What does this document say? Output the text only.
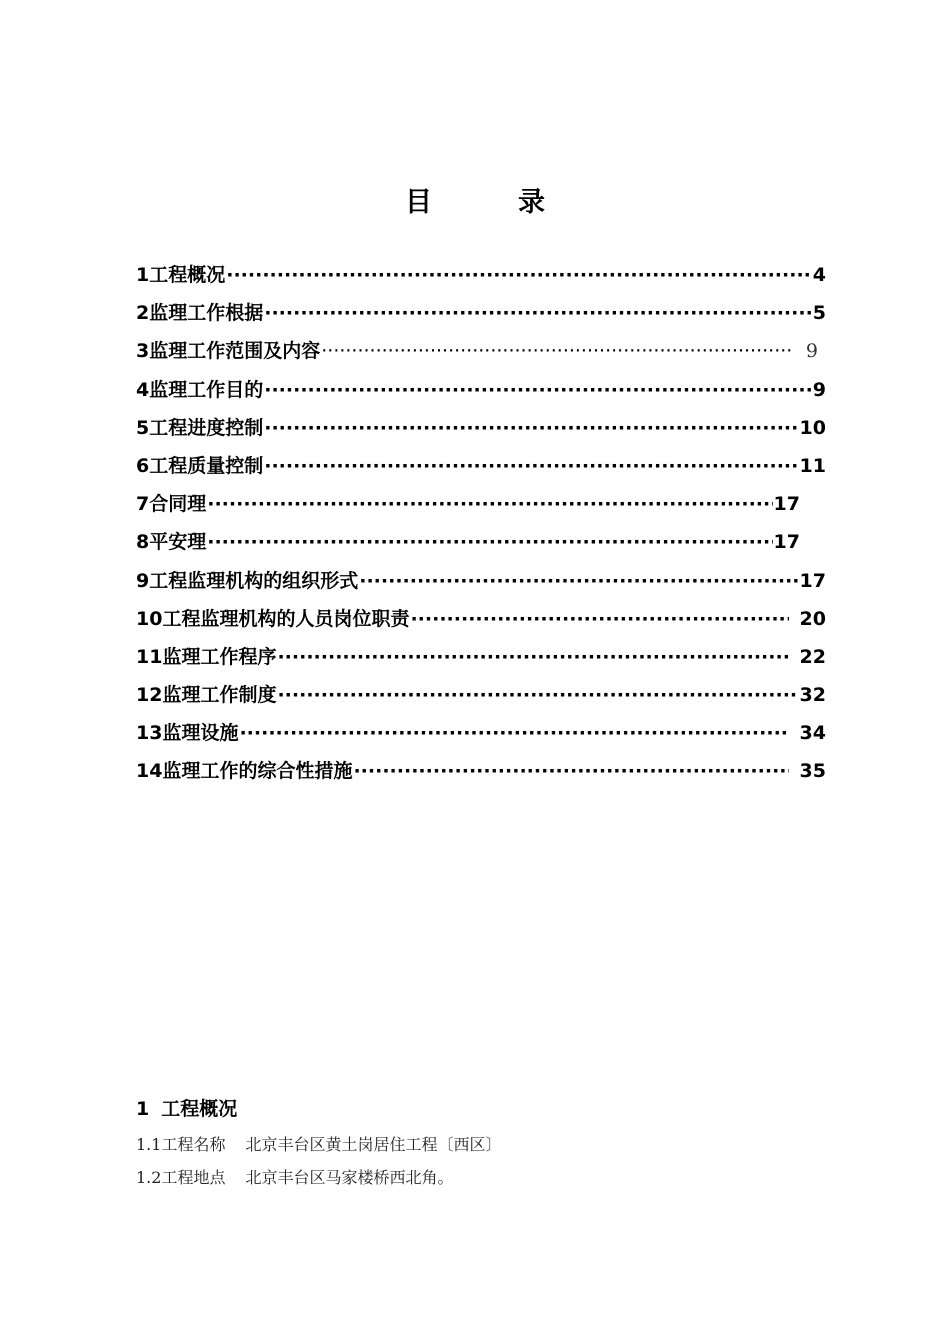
目	录
1工程概况 ·····	4
2监理工作根据 ·····	5
3监理工作范围及内容 ·····	9
4监理工作目的 ·····	9
5工程进度控制 ·····	10
6工程质量控制 ·····	11
7合同理 ·····	17
8平安理 ·····	17
9工程监理机构的组织形式 ·····	17
10工程监理机构的人员岗位职责 ·····	20
11监理工作程序 ·····	22
12监理工作制度 ·····	32
13监理设施 ·····	34
14监理工作的综合性措施 ·····	35
1 工程概况
1.1工程名称 北京丰台区黄土岗居住工程〔西区〕
1.2工程地点 北京丰台区马家楼桥西北角。
